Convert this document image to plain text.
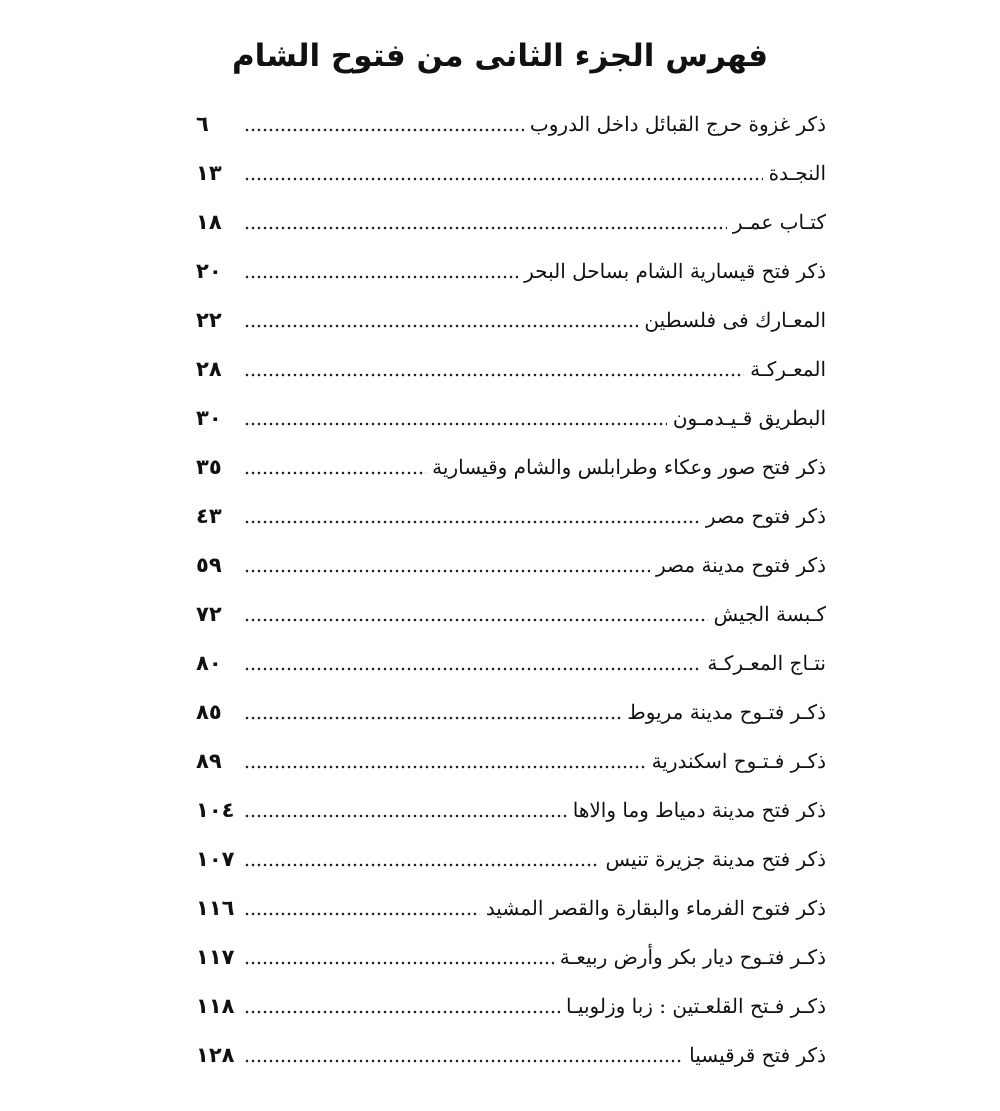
فهرس الجزء الثانى من فتوح الشام
ذكر غزوة حرج القبائل داخل الدروب
٦
النجـدة
١٣
كتـاب عمـر
١٨
ذكر فتح قيسارية الشام بساحل البحر
٢٠
المعـارك فى فلسطين
٢٢
المعـركـة
٢٨
البطريق قـيـدمـون
٣٠
ذكر فتح صور وعكاء وطرابلس والشام وقيسارية
٣٥
ذكر فتوح مصر
٤٣
ذكر فتوح مدينة مصر
٥٩
كـبسة الجيش
٧٢
نتـاج المعـركـة
٨٠
ذكـر فتـوح مدينة مريوط
٨٥
ذكـر فـتـوح اسكندرية
٨٩
ذكر فتح مدينة دمياط وما والاها
١٠٤
ذكر فتح مدينة جزيرة تنيس
١٠٧
ذكر فتوح الفرماء والبقارة والقصر المشيد
١١٦
ذكـر فتـوح ديار بكر وأرض ربيعـة
١١٧
ذكـر فـتح القلعـتين : زبا وزلوبيـا
١١٨
ذكر فتح قرقيسيا
١٢٨
